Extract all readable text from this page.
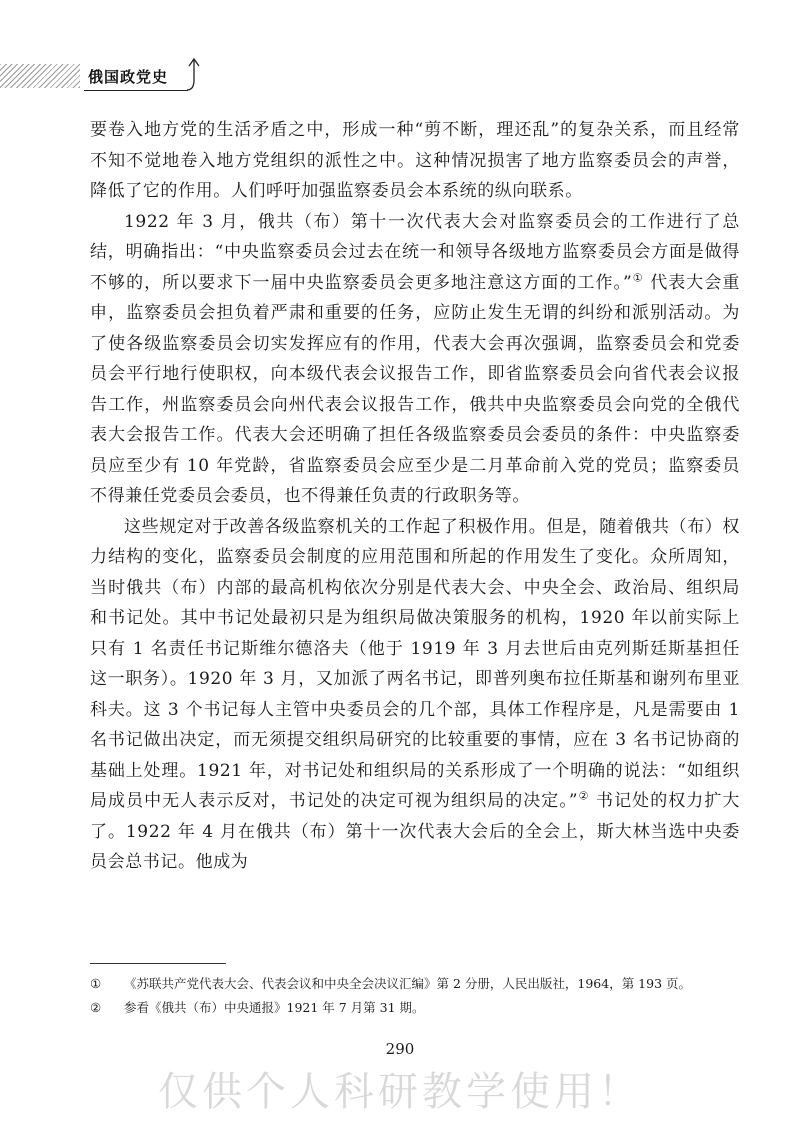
俄国政党史

要卷入地方党的生活矛盾之中，形成一种“剪不断，理还乱”的复杂关系，而且经常不知不觉地卷入地方党组织的派性之中。这种情况损害了地方监察委员会的声誉，降低了它的作用。人们呼吁加强监察委员会本系统的纵向联系。

1922 年 3 月，俄共（布）第十一次代表大会对监察委员会的工作进行了总结，明确指出：“中央监察委员会过去在统一和领导各级地方监察委员会方面是做得不够的，所以要求下一届中央监察委员会更多地注意这方面的工作。”① 代表大会重申，监察委员会担负着严肃和重要的任务，应防止发生无谓的纠纷和派别活动。为了使各级监察委员会切实发挥应有的作用，代表大会再次强调，监察委员会和党委员会平行地行使职权，向本级代表会议报告工作，即省监察委员会向省代表会议报告工作，州监察委员会向州代表会议报告工作，俄共中央监察委员会向党的全俄代表大会报告工作。代表大会还明确了担任各级监察委员会委员的条件：中央监察委员应至少有 10 年党龄，省监察委员会应至少是二月革命前入党的党员；监察委员不得兼任党委员会委员，也不得兼任负责的行政职务等。

这些规定对于改善各级监察机关的工作起了积极作用。但是，随着俄共（布）权力结构的变化，监察委员会制度的应用范围和所起的作用发生了变化。众所周知，当时俄共（布）内部的最高机构依次分别是代表大会、中央全会、政治局、组织局和书记处。其中书记处最初只是为组织局做决策服务的机构，1920 年以前实际上只有 1 名责任书记斯维尔德洛夫（他于 1919 年 3 月去世后由克列斯廷斯基担任这一职务）。1920 年 3 月，又加派了两名书记，即普列奥布拉任斯基和谢列布里亚科夫。这 3 个书记每人主管中央委员会的几个部，具体工作程序是，凡是需要由 1 名书记做出决定，而无须提交组织局研究的比较重要的事情，应在 3 名书记协商的基础上处理。1921 年，对书记处和组织局的关系形成了一个明确的说法：“如组织局成员中无人表示反对，书记处的决定可视为组织局的决定。”② 书记处的权力扩大了。1922 年 4 月在俄共（布）第十一次代表大会后的全会上，斯大林当选中央委员会总书记。他成为

①	《苏联共产党代表大会、代表会议和中央全会决议汇编》第 2 分册，人民出版社，1964，第 193 页。
②	参看《俄共（布）中央通报》1921 年 7 月第 31 期。
290
仅供个人科研教学使用！
